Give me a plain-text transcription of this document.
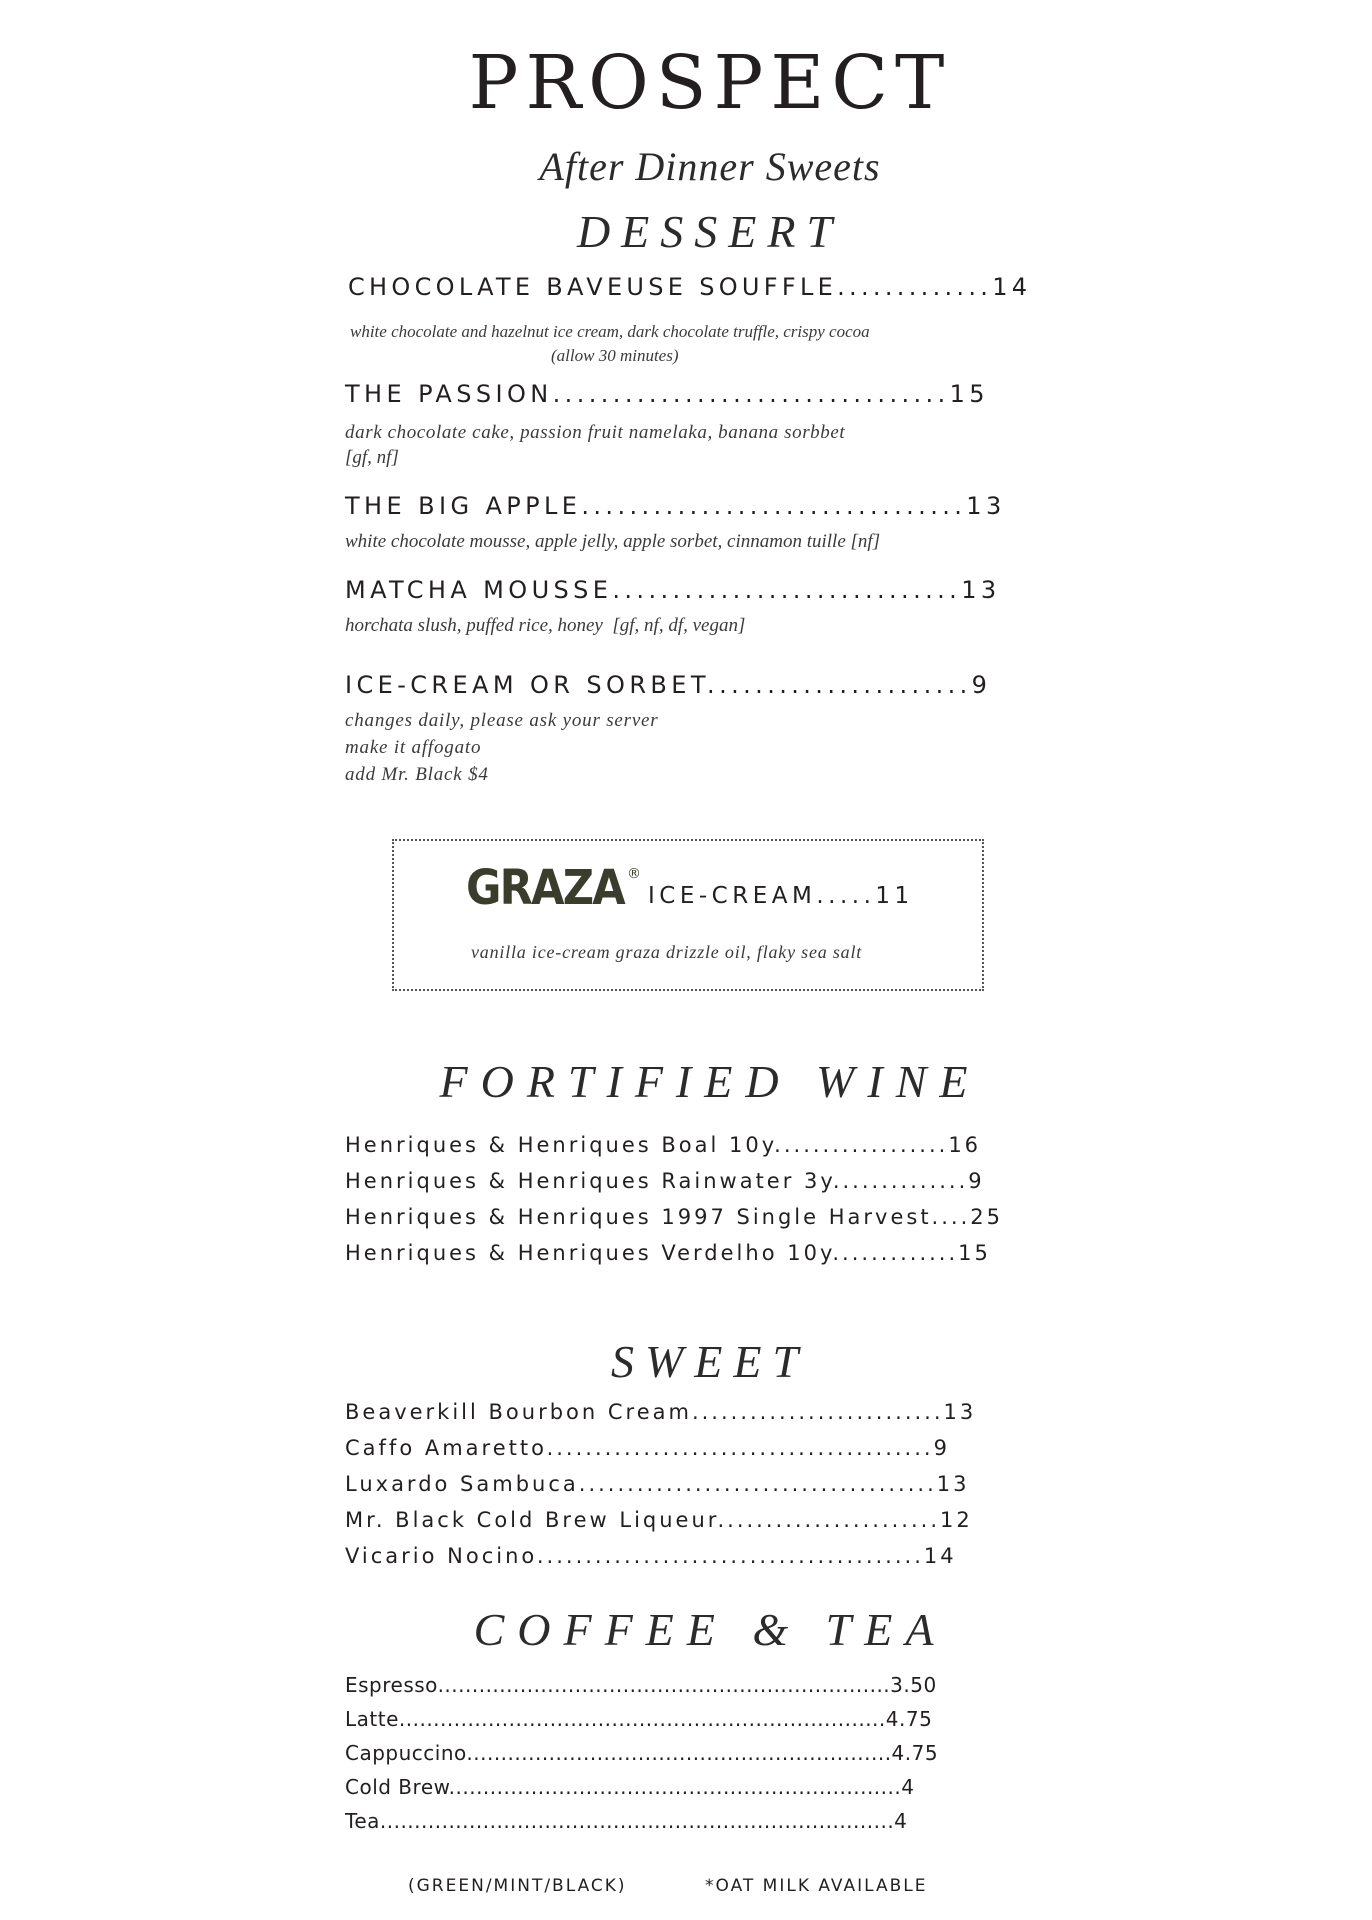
PROSPECT
After Dinner Sweets
DESSERT
CHOCOLATE BAVEUSE SOUFFLE.............14
white chocolate and hazelnut ice cream, dark chocolate truffle, crispy cocoa
(allow 30 minutes)
THE PASSION.................................15
dark chocolate cake, passion fruit namelaka, banana sorbbet
[gf, nf]
THE BIG APPLE................................13
white chocolate mousse, apple jelly, apple sorbet, cinnamon tuille [nf]
MATCHA MOUSSE.............................13
horchata slush, puffed rice, honey  [gf, nf, df, vegan]
ICE-CREAM OR SORBET......................9
changes daily, please ask your server
make it affogato
add Mr. Black $4
GRAZA ®
ICE-CREAM.....11
vanilla ice-cream graza drizzle oil, flaky sea salt
FORTIFIED WINE
Henriques & Henriques Boal 10y..................16
Henriques & Henriques Rainwater 3y..............9
Henriques & Henriques 1997 Single Harvest....25
Henriques & Henriques Verdelho 10y.............15
SWEET
Beaverkill Bourbon Cream..........................13
Caffo Amaretto........................................9
Luxardo Sambuca.....................................13
Mr. Black Cold Brew Liqueur.......................12
Vicario Nocino........................................14
COFFEE & TEA
Espresso..................................................................3.50
Latte.......................................................................4.75
Cappuccino..............................................................4.75
Cold Brew..................................................................4
Tea...........................................................................4
(GREEN/MINT/BLACK)	*OAT MILK AVAILABLE
